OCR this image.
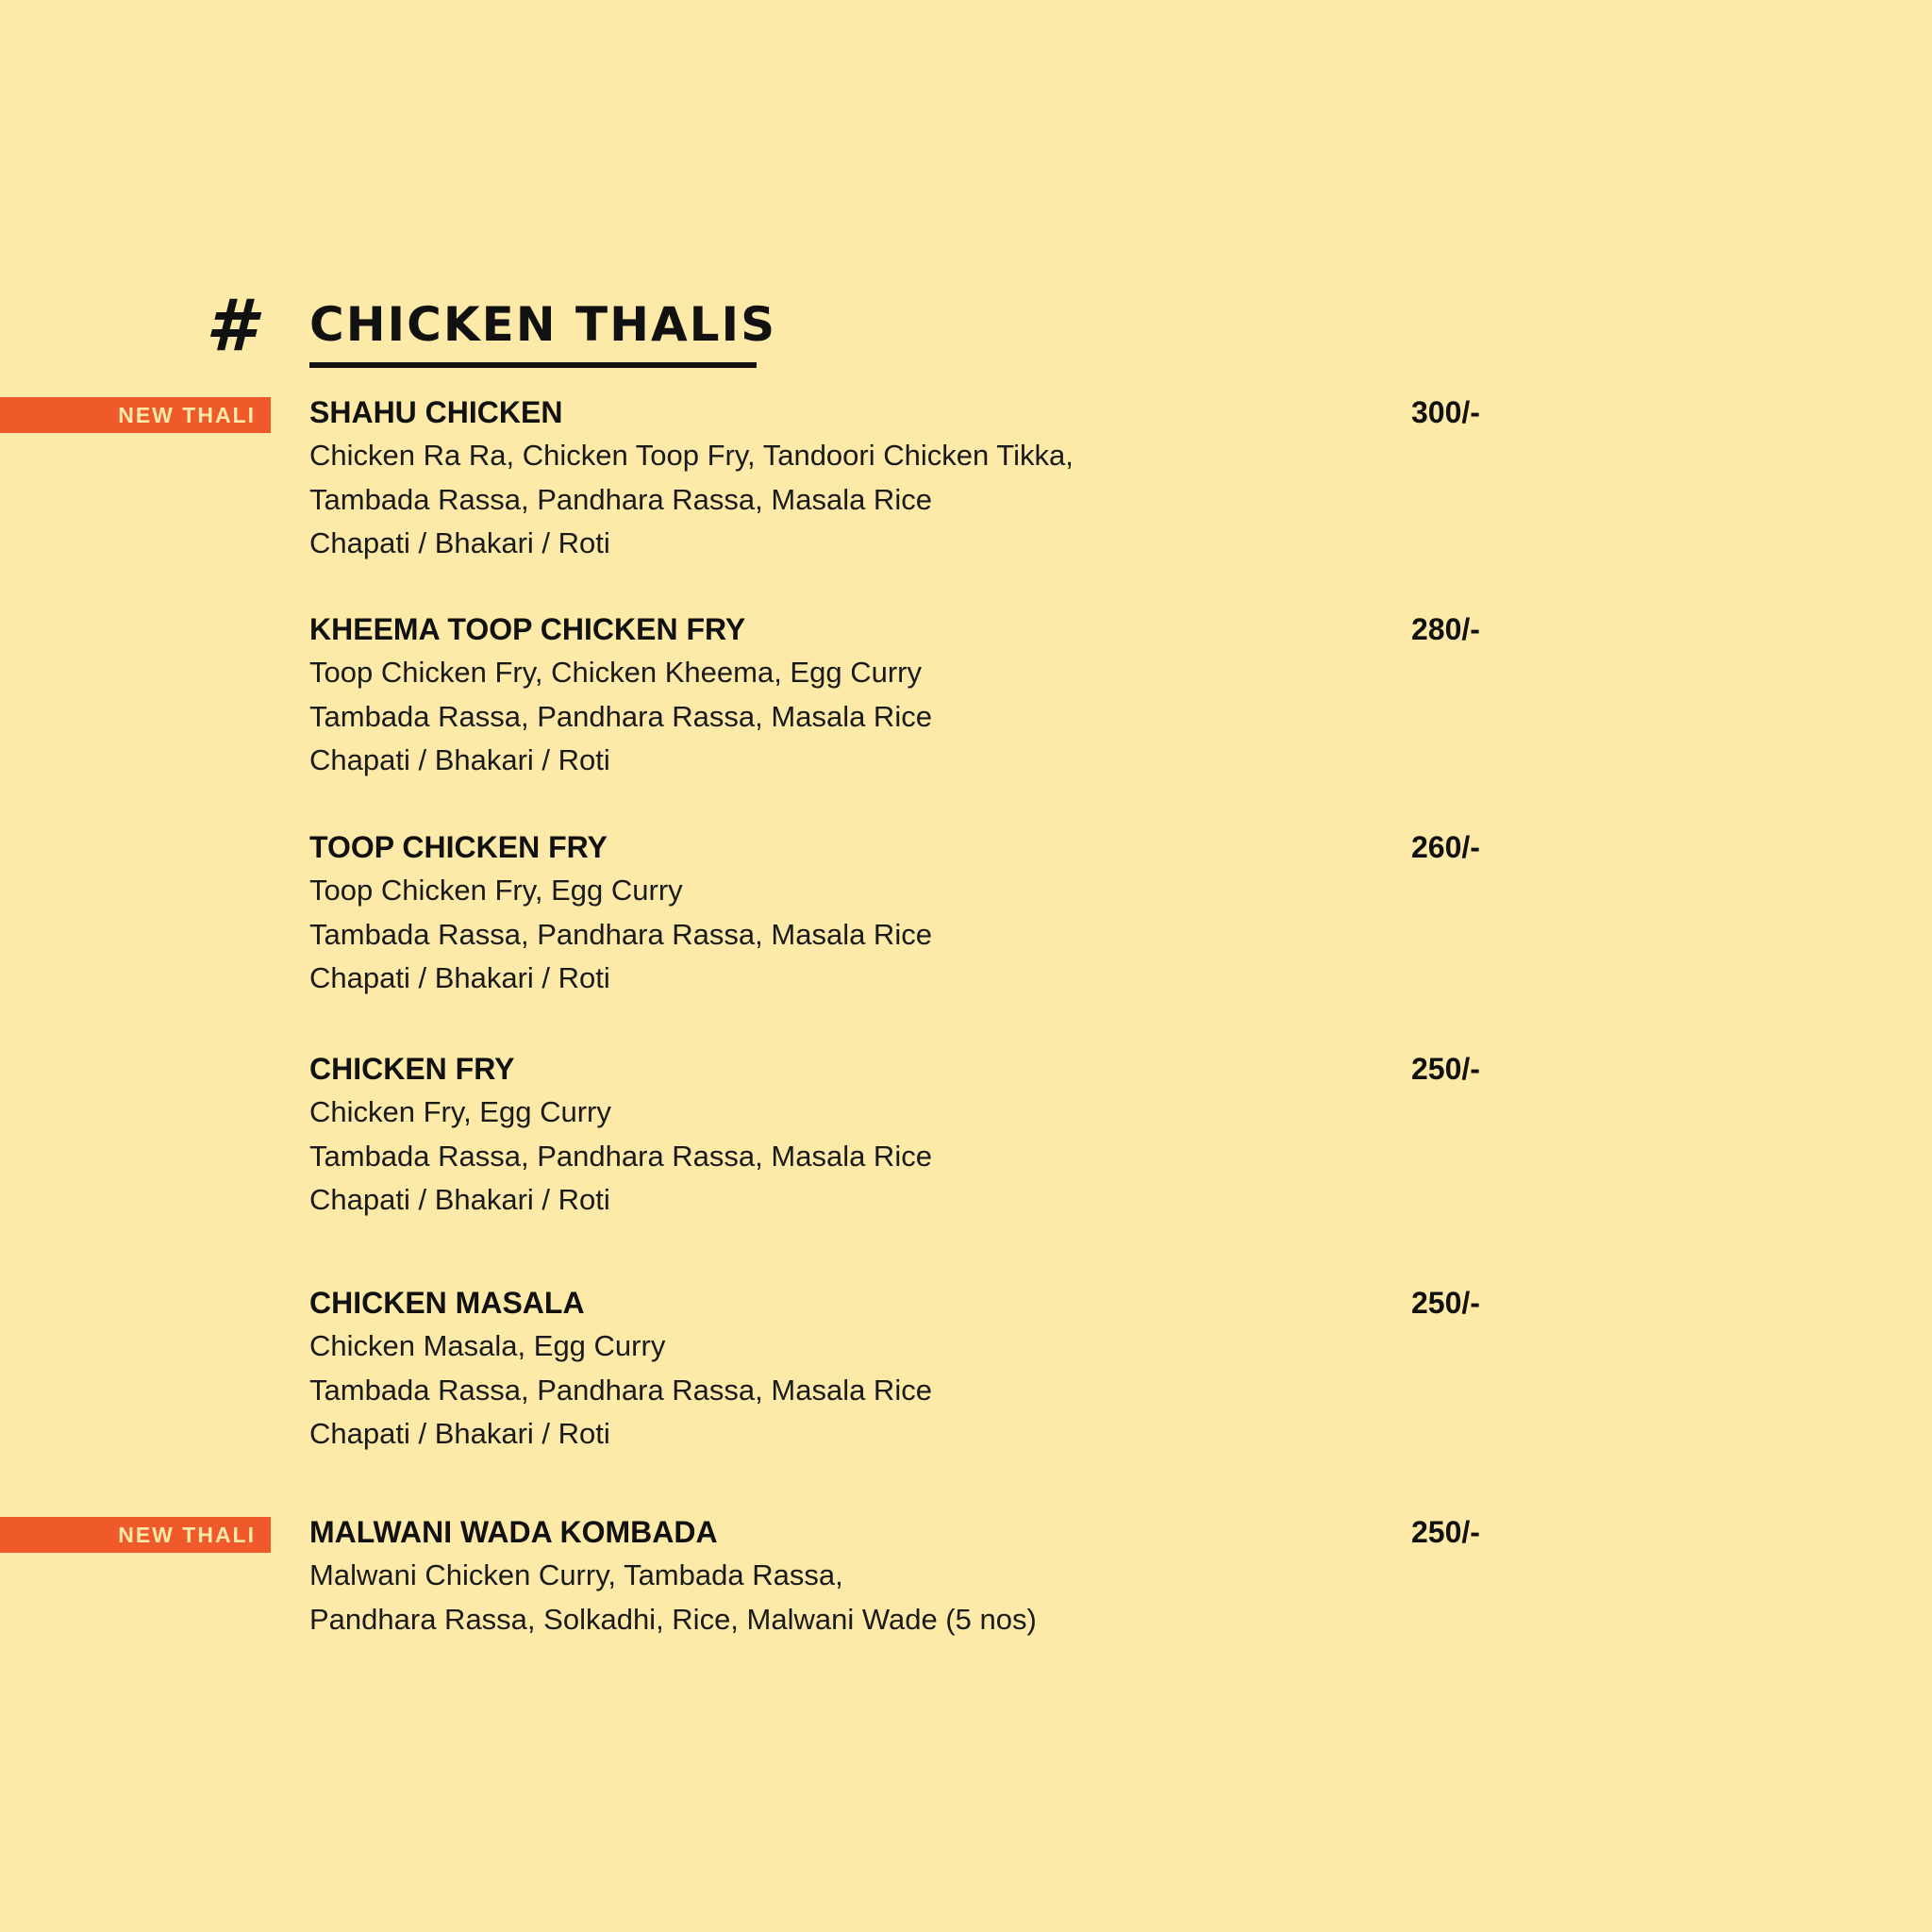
# CHICKEN THALIS
NEW THALI
NEW THALI
SHAHU CHICKEN	300/-
Chicken Ra Ra, Chicken Toop Fry, Tandoori Chicken Tikka,
Tambada Rassa, Pandhara Rassa, Masala Rice
Chapati / Bhakari / Roti
KHEEMA TOOP CHICKEN FRY	280/-
Toop Chicken Fry, Chicken Kheema, Egg Curry
Tambada Rassa, Pandhara Rassa, Masala Rice
Chapati / Bhakari / Roti
TOOP CHICKEN FRY	260/-
Toop Chicken Fry, Egg Curry
Tambada Rassa, Pandhara Rassa, Masala Rice
Chapati / Bhakari / Roti
CHICKEN FRY	250/-
Chicken Fry, Egg Curry
Tambada Rassa, Pandhara Rassa, Masala Rice
Chapati / Bhakari / Roti
CHICKEN MASALA	250/-
Chicken Masala, Egg Curry
Tambada Rassa, Pandhara Rassa, Masala Rice
Chapati / Bhakari / Roti
MALWANI WADA KOMBADA	250/-
Malwani Chicken Curry, Tambada Rassa,
Pandhara Rassa, Solkadhi, Rice, Malwani Wade (5 nos)
